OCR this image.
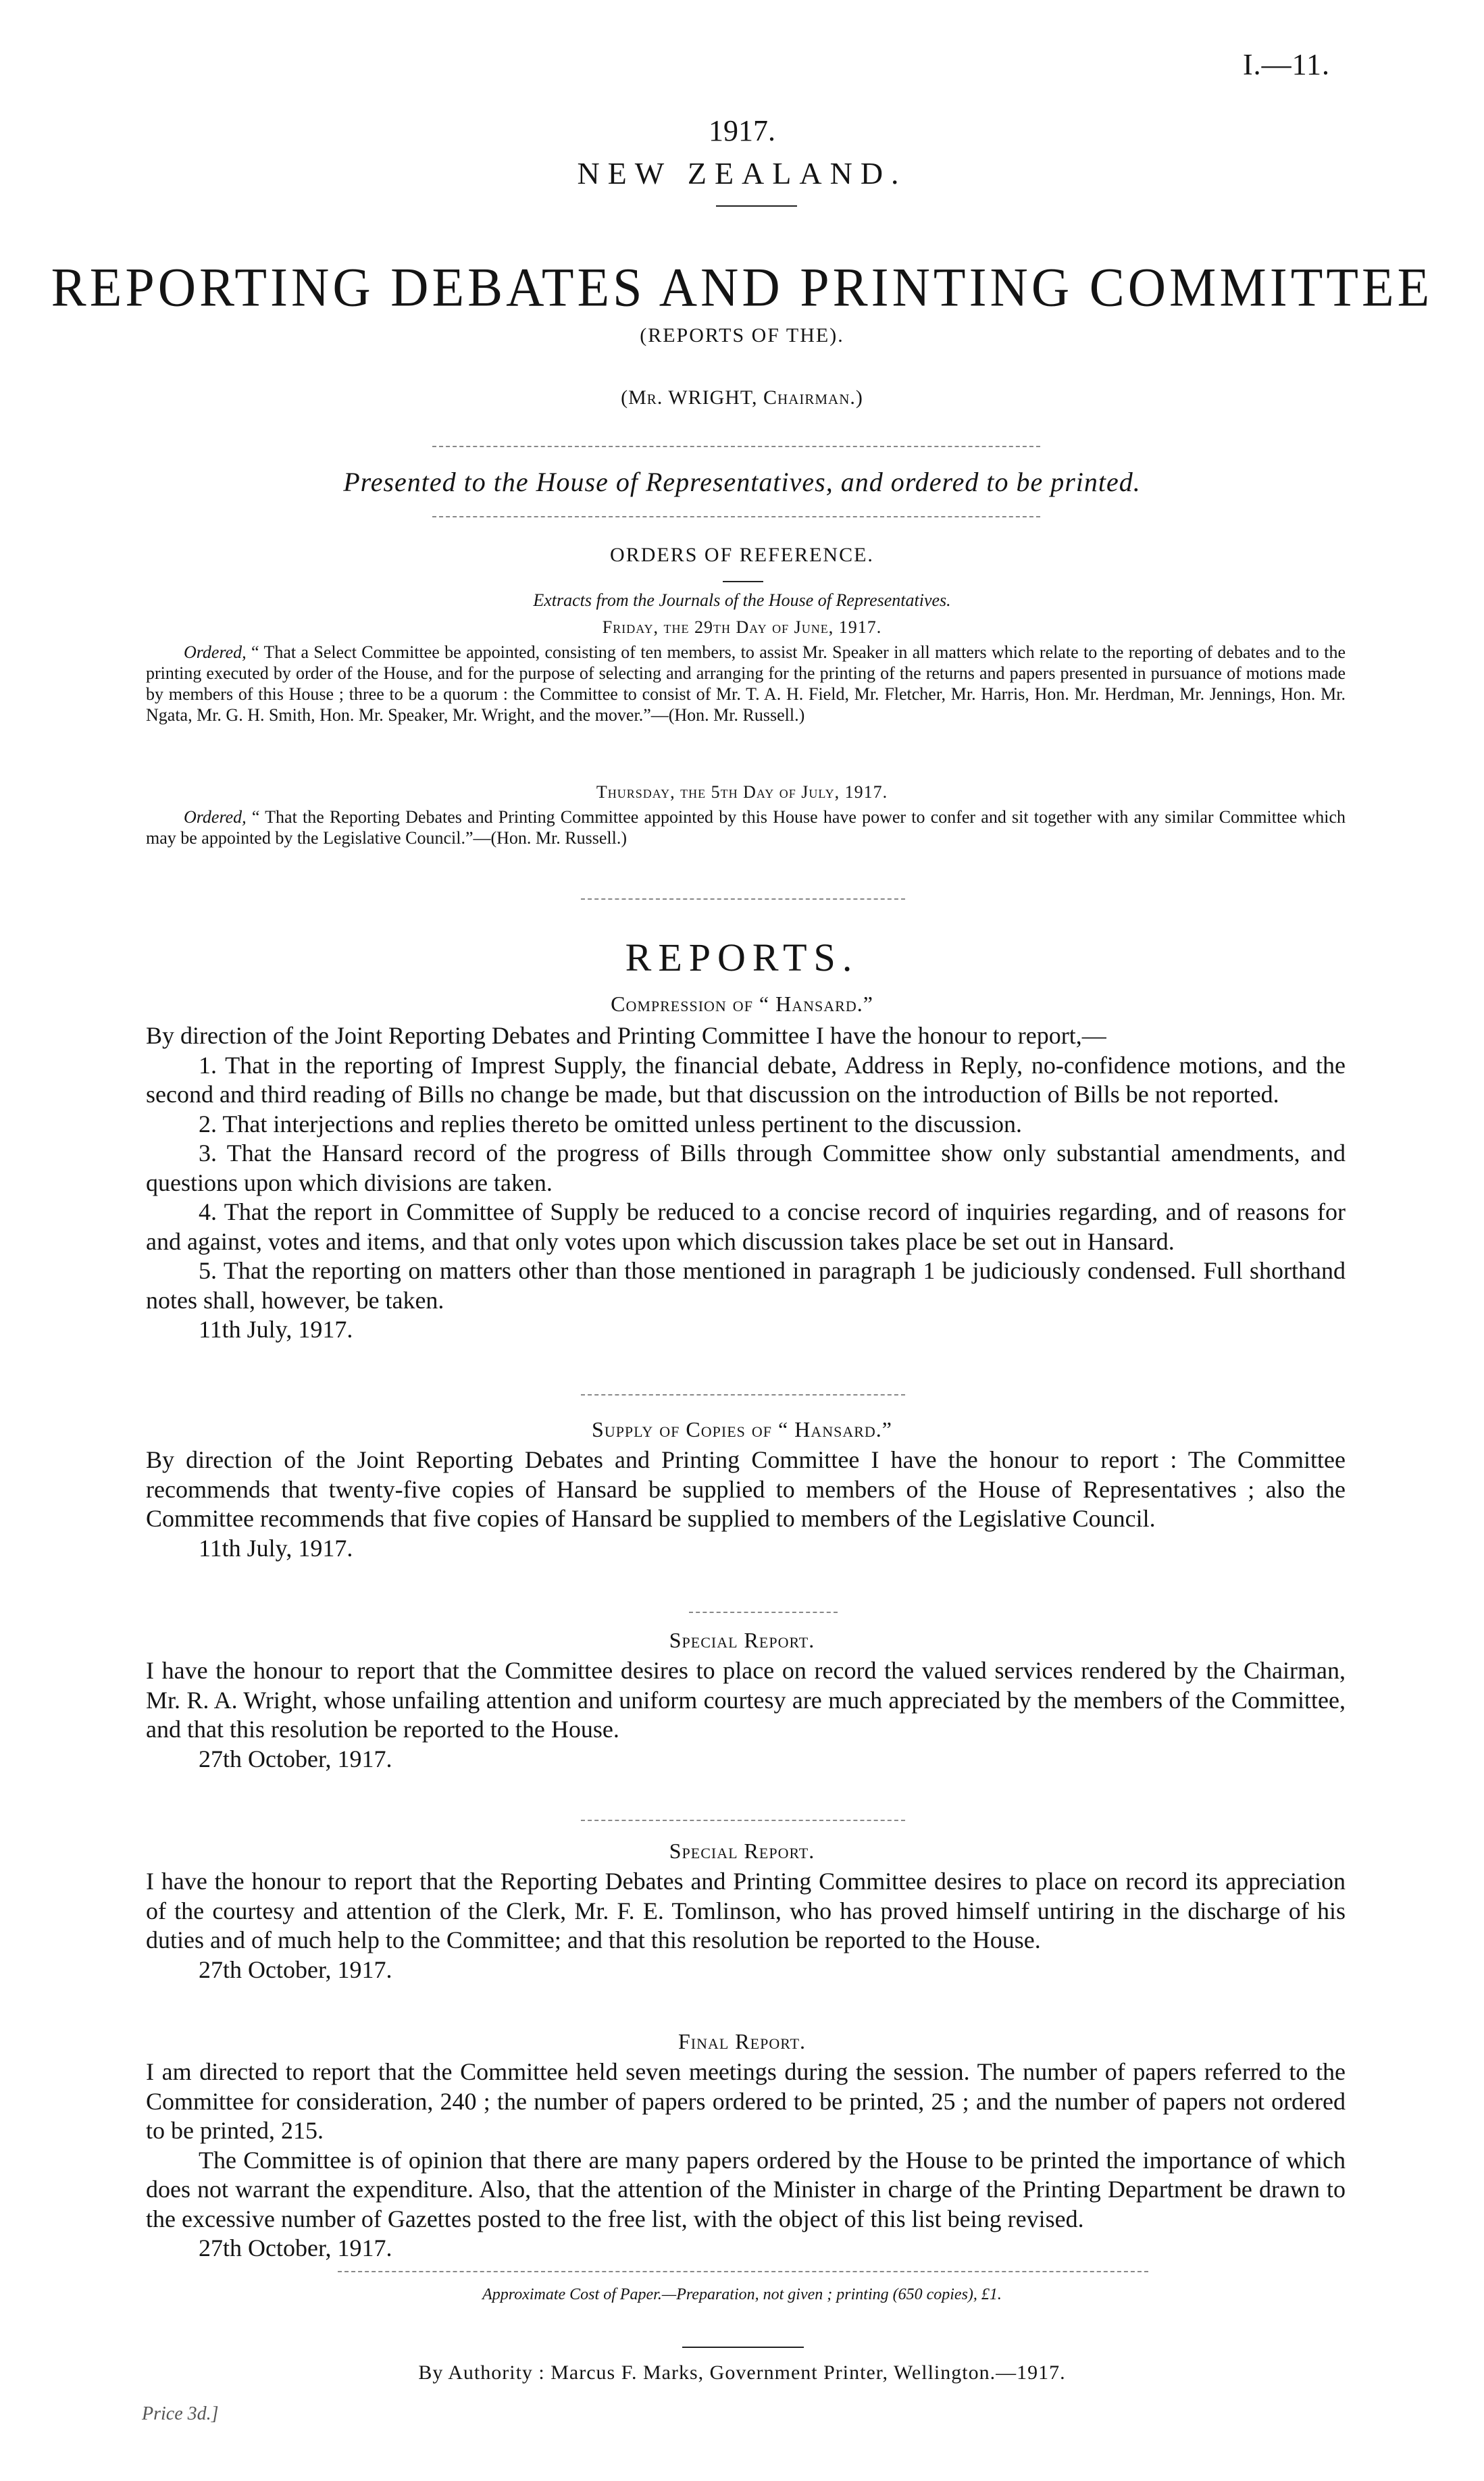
I.—11.
1917.
NEW ZEALAND.
REPORTING DEBATES AND PRINTING COMMITTEE
(REPORTS OF THE).
(Mr. WRIGHT, Chairman.)
Presented to the House of Representatives, and ordered to be printed.
ORDERS OF REFERENCE.
Extracts from the Journals of the House of Representatives.
Friday, the 29th Day of June, 1917.

Ordered, “ That a Select Committee be appointed, consisting of ten members, to assist Mr. Speaker in all matters which relate to the reporting of debates and to the printing executed by order of the House, and for the purpose of selecting and arranging for the printing of the returns and papers presented in pursuance of motions made by members of this House ; three to be a quorum : the Committee to consist of Mr. T. A. H. Field, Mr. Fletcher, Mr. Harris, Hon. Mr. Herdman, Mr. Jennings, Hon. Mr. Ngata, Mr. G. H. Smith, Hon. Mr. Speaker, Mr. Wright, and the mover.”—(Hon. Mr. Russell.)

Thursday, the 5th Day of July, 1917.

Ordered, “ That the Reporting Debates and Printing Committee appointed by this House have power to confer and sit together with any similar Committee which may be appointed by the Legislative Council.”—(Hon. Mr. Russell.)

REPORTS.
Compression of “ Hansard.”

By direction of the Joint Reporting Debates and Printing Committee I have the honour to report,—

1. That in the reporting of Imprest Supply, the financial debate, Address in Reply, no-confidence motions, and the second and third reading of Bills no change be made, but that discussion on the introduction of Bills be not reported.

2. That interjections and replies thereto be omitted unless pertinent to the discussion.

3. That the Hansard record of the progress of Bills through Committee show only substantial amendments, and questions upon which divisions are taken.

4. That the report in Committee of Supply be reduced to a concise record of inquiries regarding, and of reasons for and against, votes and items, and that only votes upon which discussion takes place be set out in Hansard.

5. That the reporting on matters other than those mentioned in paragraph 1 be judiciously condensed. Full shorthand notes shall, however, be taken.

11th July, 1917.

Supply of Copies of “ Hansard.”

By direction of the Joint Reporting Debates and Printing Committee I have the honour to report : The Committee recommends that twenty-five copies of Hansard be supplied to members of the House of Representatives ; also the Committee recommends that five copies of Hansard be supplied to members of the Legislative Council.

11th July, 1917.

Special Report.

I have the honour to report that the Committee desires to place on record the valued services rendered by the Chairman, Mr. R. A. Wright, whose unfailing attention and uniform courtesy are much appreciated by the members of the Committee, and that this resolution be reported to the House.

27th October, 1917.

Special Report.

I have the honour to report that the Reporting Debates and Printing Committee desires to place on record its appreciation of the courtesy and attention of the Clerk, Mr. F. E. Tomlinson, who has proved himself untiring in the discharge of his duties and of much help to the Committee; and that this resolution be reported to the House.

27th October, 1917.

Final Report.

I am directed to report that the Committee held seven meetings during the session. The number of papers referred to the Committee for consideration, 240 ; the number of papers ordered to be printed, 25 ; and the number of papers not ordered to be printed, 215.

The Committee is of opinion that there are many papers ordered by the House to be printed the importance of which does not warrant the expenditure. Also, that the attention of the Minister in charge of the Printing Department be drawn to the excessive number of Gazettes posted to the free list, with the object of this list being revised.

27th October, 1917.

Approximate Cost of Paper.—Preparation, not given ; printing (650 copies), £1.
By Authority : Marcus F. Marks, Government Printer, Wellington.—1917.
Price 3d.]
